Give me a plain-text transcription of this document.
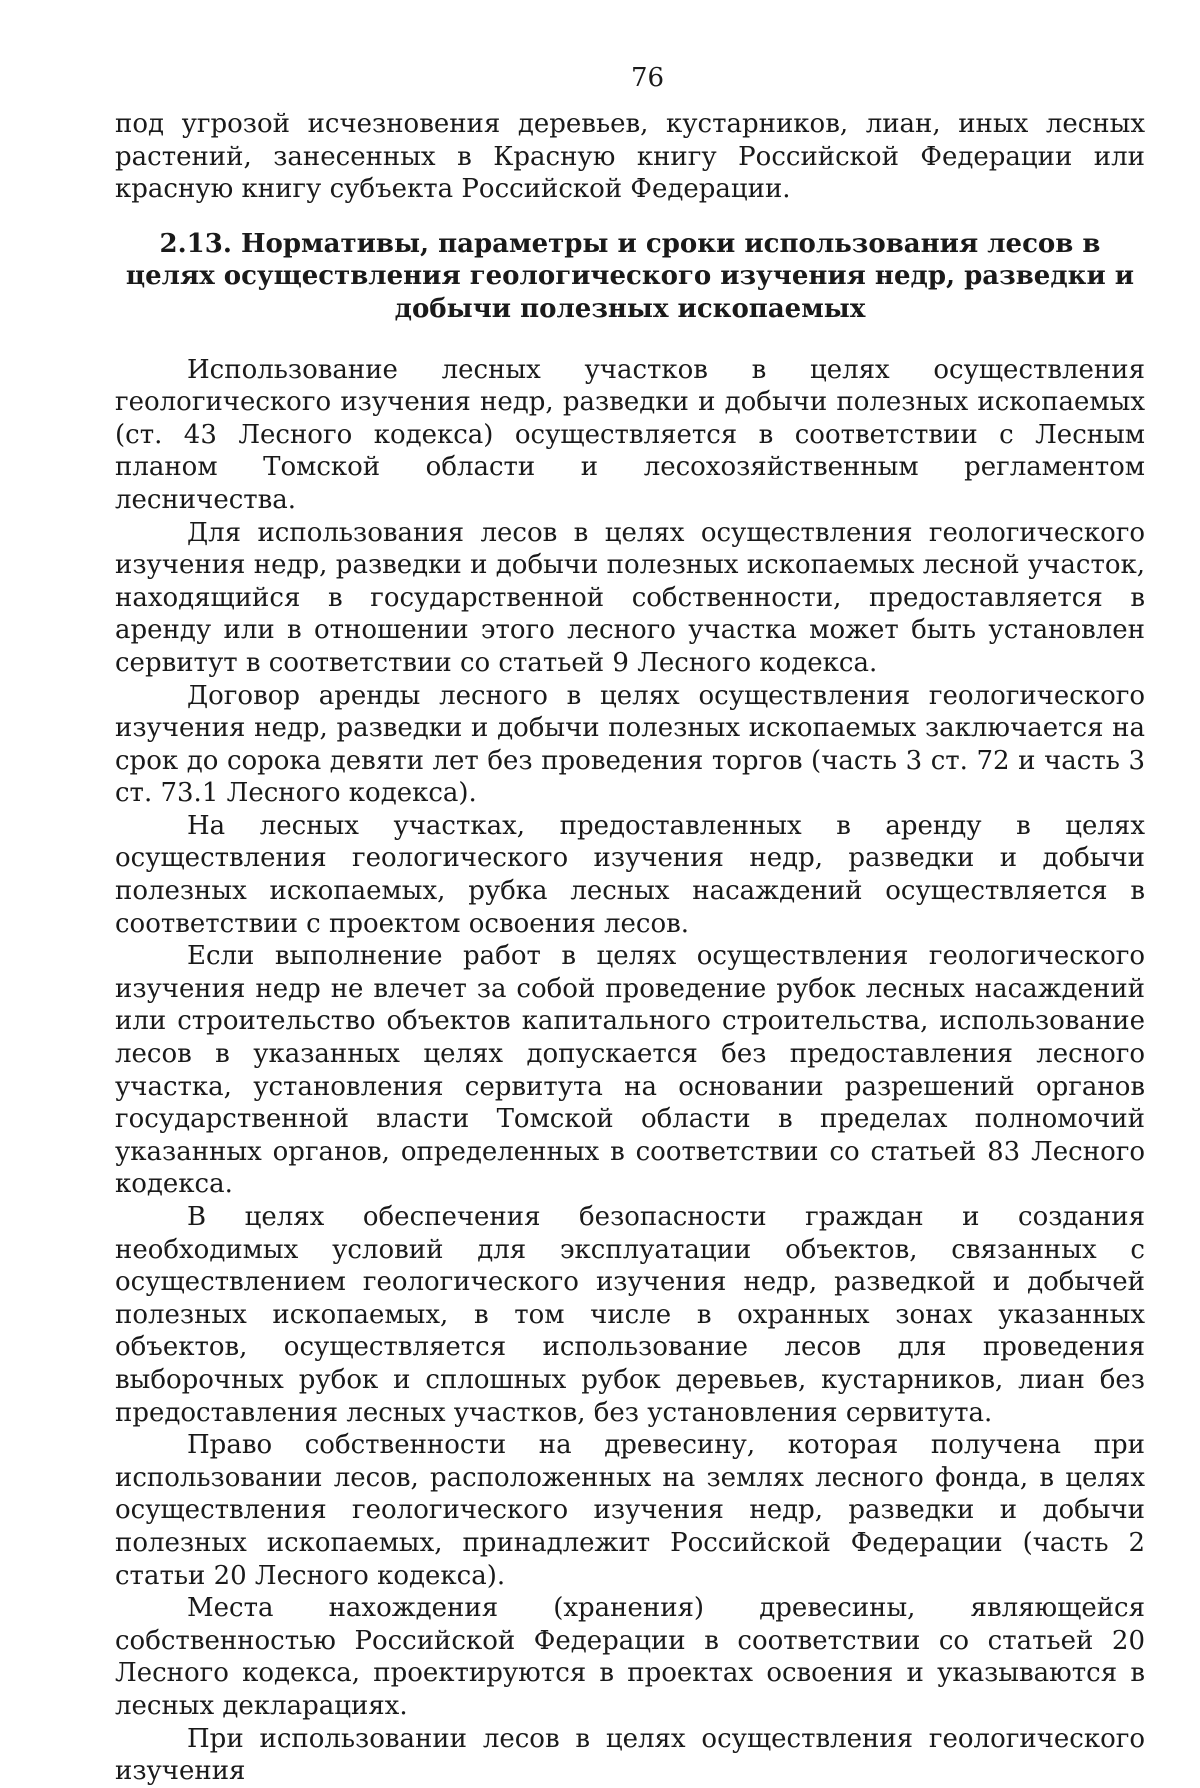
76

под угрозой исчезновения деревьев, кустарников, лиан, иных лесных растений, занесенных в Красную книгу Российской Федерации или красную книгу субъекта Российской Федерации.

2.13. Нормативы, параметры и сроки использования лесов в целях осуществления геологического изучения недр, разведки и добычи полезных ископаемых

Использование лесных участков в целях осуществления геологического изучения недр, разведки и добычи полезных ископаемых (ст. 43 Лесного кодекса) осуществляется в соответствии с Лесным планом Томской области и лесохозяйственным регламентом лесничества.

Для использования лесов в целях осуществления геологического изучения недр, разведки и добычи полезных ископаемых лесной участок, находящийся в государственной собственности, предоставляется в аренду или в отношении этого лесного участка может быть установлен сервитут в соответствии со статьей 9 Лесного кодекса.

Договор аренды лесного в целях осуществления геологического изучения недр, разведки и добычи полезных ископаемых заключается на срок до сорока девяти лет без проведения торгов (часть 3 ст. 72 и часть 3 ст. 73.1 Лесного кодекса).

На лесных участках, предоставленных в аренду в целях осуществления геологического изучения недр, разведки и добычи полезных ископаемых, рубка лесных насаждений осуществляется в соответствии с проектом освоения лесов.

Если выполнение работ в целях осуществления геологического изучения недр не влечет за собой проведение рубок лесных насаждений или строительство объектов капитального строительства, использование лесов в указанных целях допускается без предоставления лесного участка, установления сервитута на основании разрешений органов государственной власти Томской области в пределах полномочий указанных органов, определенных в соответствии со статьей 83 Лесного кодекса.

В целях обеспечения безопасности граждан и создания необходимых условий для эксплуатации объектов, связанных с осуществлением геологического изучения недр, разведкой и добычей полезных ископаемых, в том числе в охранных зонах указанных объектов, осуществляется использование лесов для проведения выборочных рубок и сплошных рубок деревьев, кустарников, лиан без предоставления лесных участков, без установления сервитута.

Право собственности на древесину, которая получена при использовании лесов, расположенных на землях лесного фонда, в целях осуществления геологического изучения недр, разведки и добычи полезных ископаемых, принадлежит Российской Федерации (часть 2 статьи 20 Лесного кодекса).

Места нахождения (хранения) древесины, являющейся собственностью Российской Федерации в соответствии со статьей 20 Лесного кодекса, проектируются в проектах освоения и указываются в лесных декларациях.

При использовании лесов в целях осуществления геологического изучения
